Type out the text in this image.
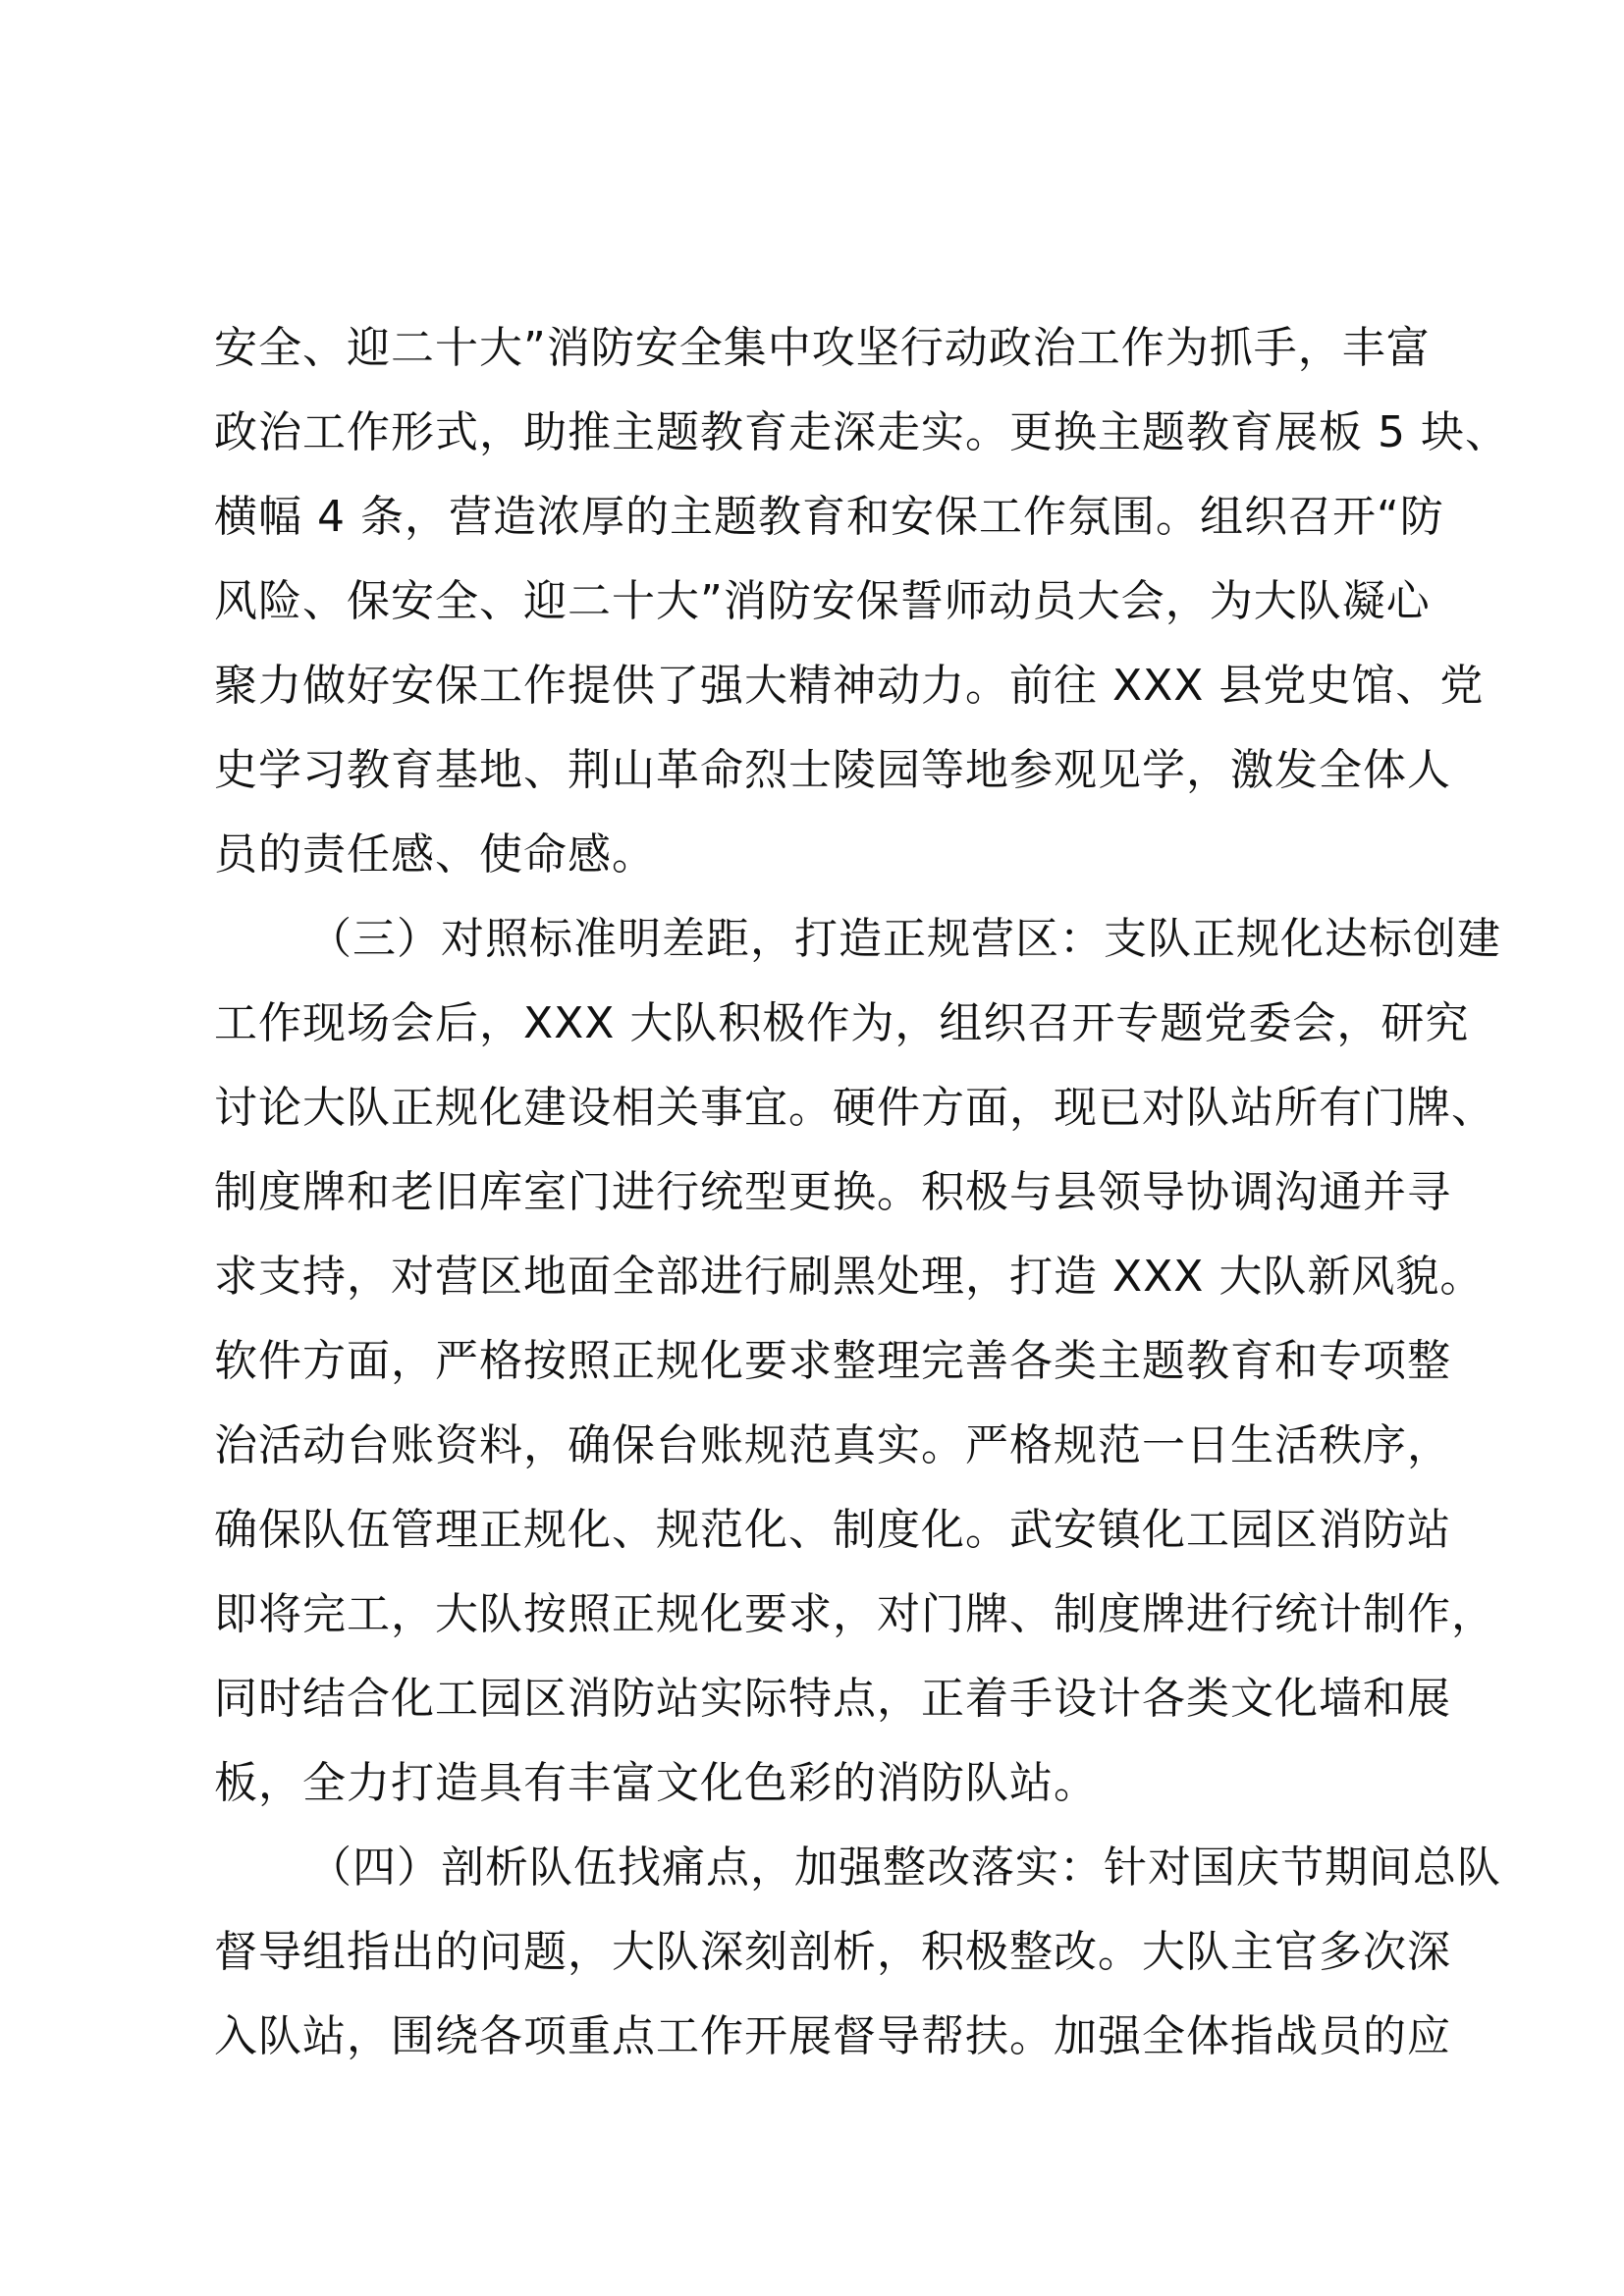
安全、迎二十大”消防安全集中攻坚行动政治工作为抓手，丰富
政治工作形式，助推主题教育走深走实。更换主题教育展板 5 块、
横幅 4 条，营造浓厚的主题教育和安保工作氛围。组织召开“防
风险、保安全、迎二十大”消防安保誓师动员大会，为大队凝心
聚力做好安保工作提供了强大精神动力。前往 XXX 县党史馆、党
史学习教育基地、荆山革命烈士陵园等地参观见学，激发全体人
员的责任感、使命感。
（三）对照标准明差距，打造正规营区：支队正规化达标创建
工作现场会后，XXX 大队积极作为，组织召开专题党委会，研究
讨论大队正规化建设相关事宜。硬件方面，现已对队站所有门牌、
制度牌和老旧库室门进行统型更换。积极与县领导协调沟通并寻
求支持，对营区地面全部进行刷黑处理，打造 XXX 大队新风貌。
软件方面，严格按照正规化要求整理完善各类主题教育和专项整
治活动台账资料，确保台账规范真实。严格规范一日生活秩序，
确保队伍管理正规化、规范化、制度化。武安镇化工园区消防站
即将完工，大队按照正规化要求，对门牌、制度牌进行统计制作，
同时结合化工园区消防站实际特点，正着手设计各类文化墙和展
板，全力打造具有丰富文化色彩的消防队站。
（四）剖析队伍找痛点，加强整改落实：针对国庆节期间总队
督导组指出的问题，大队深刻剖析，积极整改。大队主官多次深
入队站，围绕各项重点工作开展督导帮扶。加强全体指战员的应
